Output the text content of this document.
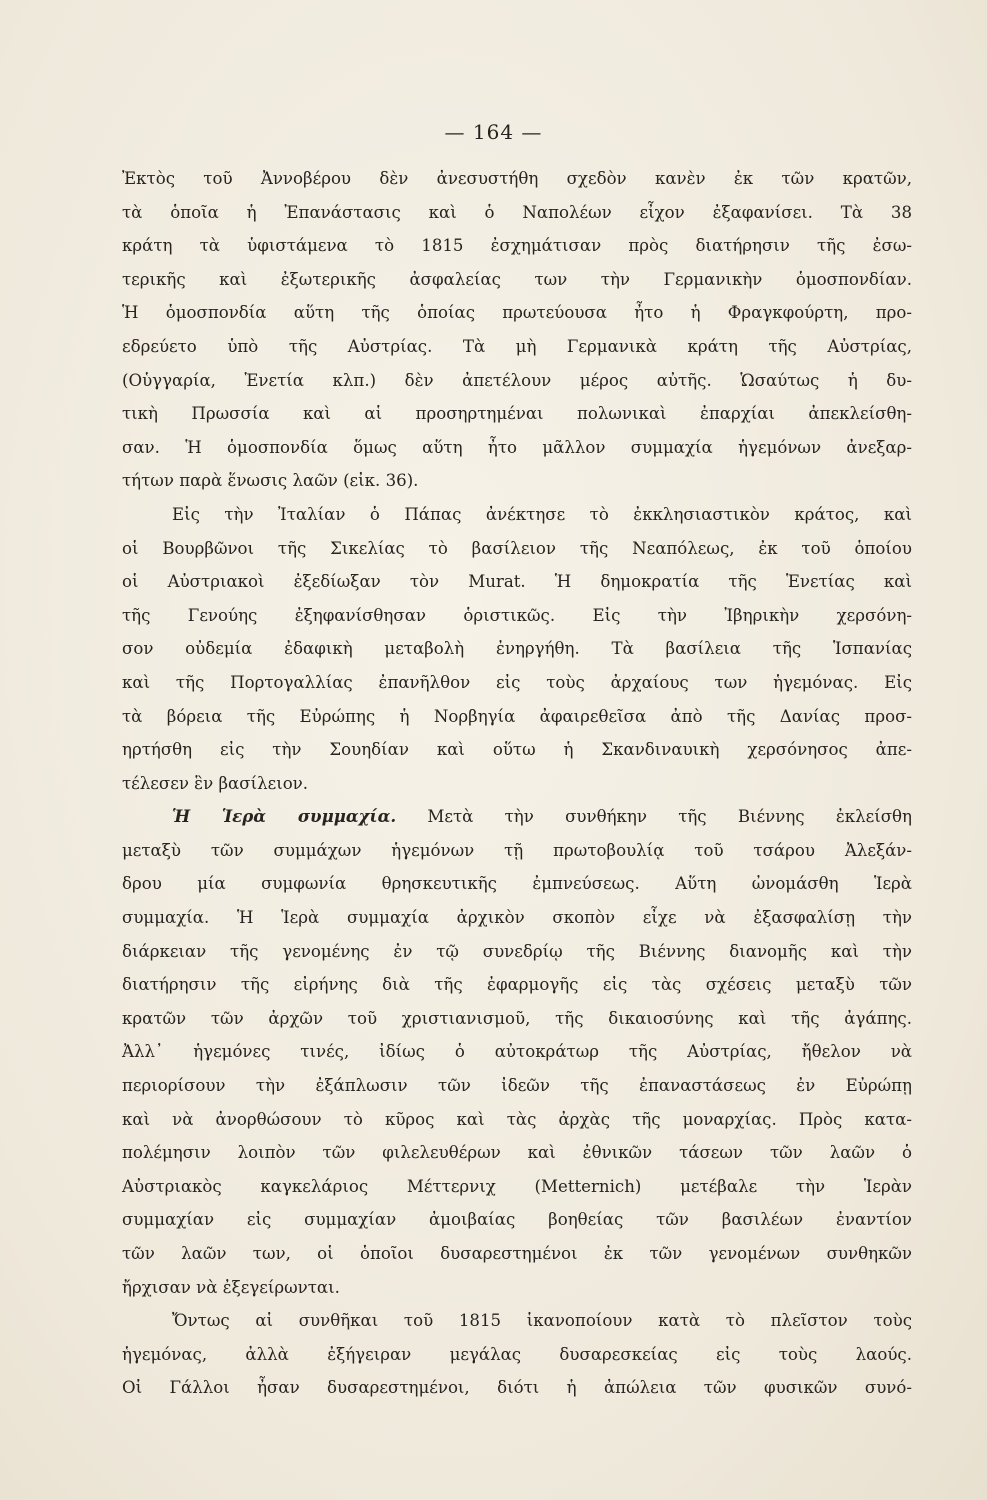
— 164 —
Ἐκτὸς τοῦ Ἀννοβέρου δὲν ἀνεσυστήθη σχεδὸν κανὲν ἐκ τῶν κρατῶν,
τὰ ὁποῖα ἡ Ἐπανάστασις καὶ ὁ Ναπολέων εἶχον ἐξαφανίσει. Τὰ 38
κράτη τὰ ὑφιστάμενα τὸ 1815 ἐσχημάτισαν πρὸς διατήρησιν τῆς ἐσω-
τερικῆς καὶ ἐξωτερικῆς ἀσφαλείας των τὴν Γερμανικὴν ὁμοσπονδίαν.
Ἡ ὁμοσπονδία αὕτη τῆς ὁποίας πρωτεύουσα ἦτο ἡ Φραγκφούρτη, προ-
εδρεύετο ὑπὸ τῆς Αὐστρίας. Τὰ μὴ Γερμανικὰ κράτη τῆς Αὐστρίας,
(Οὑγγαρία, Ἑνετία κλπ.) δὲν ἀπετέλουν μέρος αὐτῆς. Ὡσαύτως ἡ δυ-
τικὴ Πρωσσία καὶ αἱ προσηρτημέναι πολωνικαὶ ἐπαρχίαι ἀπεκλείσθη-
σαν. Ἡ ὁμοσπονδία ὅμως αὕτη ἦτο μᾶλλον συμμαχία ἡγεμόνων ἀνεξαρ-
τήτων παρὰ ἕνωσις λαῶν (εἰκ. 36).
Εἰς τὴν Ἰταλίαν ὁ Πάπας ἀνέκτησε τὸ ἐκκλησιαστικὸν κράτος, καὶ
οἱ Βουρβῶνοι τῆς Σικελίας τὸ βασίλειον τῆς Νεαπόλεως, ἐκ τοῦ ὁποίου
οἱ Αὐστριακοὶ ἐξεδίωξαν τὸν Murat. Ἡ δημοκρατία τῆς Ἑνετίας καὶ
τῆς Γενούης ἐξηφανίσθησαν ὁριστικῶς. Εἰς τὴν Ἰβηρικὴν χερσόνη-
σον οὐδεμία ἐδαφικὴ μεταβολὴ ἐνηργήθη. Τὰ βασίλεια τῆς Ἱσπανίας
καὶ τῆς Πορτογαλλίας ἐπανῆλθον εἰς τοὺς ἀρχαίους των ἡγεμόνας. Εἰς
τὰ βόρεια τῆς Εὐρώπης ἡ Νορβηγία ἀφαιρεθεῖσα ἀπὸ τῆς Δανίας προσ-
ηρτήσθη εἰς τὴν Σουηδίαν καὶ οὕτω ἡ Σκανδιναυικὴ χερσόνησος ἀπε-
τέλεσεν ἓν βασίλειον.
Ἡ Ἱερὰ συμμαχία. Μετὰ τὴν συνθήκην τῆς Βιέννης ἐκλείσθη
μεταξὺ τῶν συμμάχων ἡγεμόνων τῇ πρωτοβουλίᾳ τοῦ τσάρου Ἀλεξάν-
δρου μία συμφωνία θρησκευτικῆς ἐμπνεύσεως. Αὕτη ὠνομάσθη Ἱερὰ
συμμαχία. Ἡ Ἱερὰ συμμαχία ἀρχικὸν σκοπὸν εἶχε νὰ ἐξασφαλίσῃ τὴν
διάρκειαν τῆς γενομένης ἐν τῷ συνεδρίῳ τῆς Βιέννης διανομῆς καὶ τὴν
διατήρησιν τῆς εἰρήνης διὰ τῆς ἐφαρμογῆς εἰς τὰς σχέσεις μεταξὺ τῶν
κρατῶν τῶν ἀρχῶν τοῦ χριστιανισμοῦ, τῆς δικαιοσύνης καὶ τῆς ἀγάπης.
Ἀλλ᾽ ἡγεμόνες τινές, ἰδίως ὁ αὐτοκράτωρ τῆς Αὐστρίας, ἤθελον νὰ
περιορίσουν τὴν ἐξάπλωσιν τῶν ἰδεῶν τῆς ἐπαναστάσεως ἐν Εὐρώπῃ
καὶ νὰ ἀνορθώσουν τὸ κῦρος καὶ τὰς ἀρχὰς τῆς μοναρχίας. Πρὸς κατα-
πολέμησιν λοιπὸν τῶν φιλελευθέρων καὶ ἐθνικῶν τάσεων τῶν λαῶν ὁ
Αὐστριακὸς καγκελάριος Μέττερνιχ (Metternich) μετέβαλε τὴν Ἱερὰν
συμμαχίαν εἰς συμμαχίαν ἀμοιβαίας βοηθείας τῶν βασιλέων ἐναντίον
τῶν λαῶν των, οἱ ὁποῖοι δυσαρεστημένοι ἐκ τῶν γενομένων συνθηκῶν
ἤρχισαν νὰ ἐξεγείρωνται.
Ὄντως αἱ συνθῆκαι τοῦ 1815 ἱκανοποίουν κατὰ τὸ πλεῖστον τοὺς
ἡγεμόνας, ἀλλὰ ἐξήγειραν μεγάλας δυσαρεσκείας εἰς τοὺς λαούς.
Οἱ Γάλλοι ἦσαν δυσαρεστημένοι, διότι ἡ ἀπώλεια τῶν φυσικῶν συνό-
